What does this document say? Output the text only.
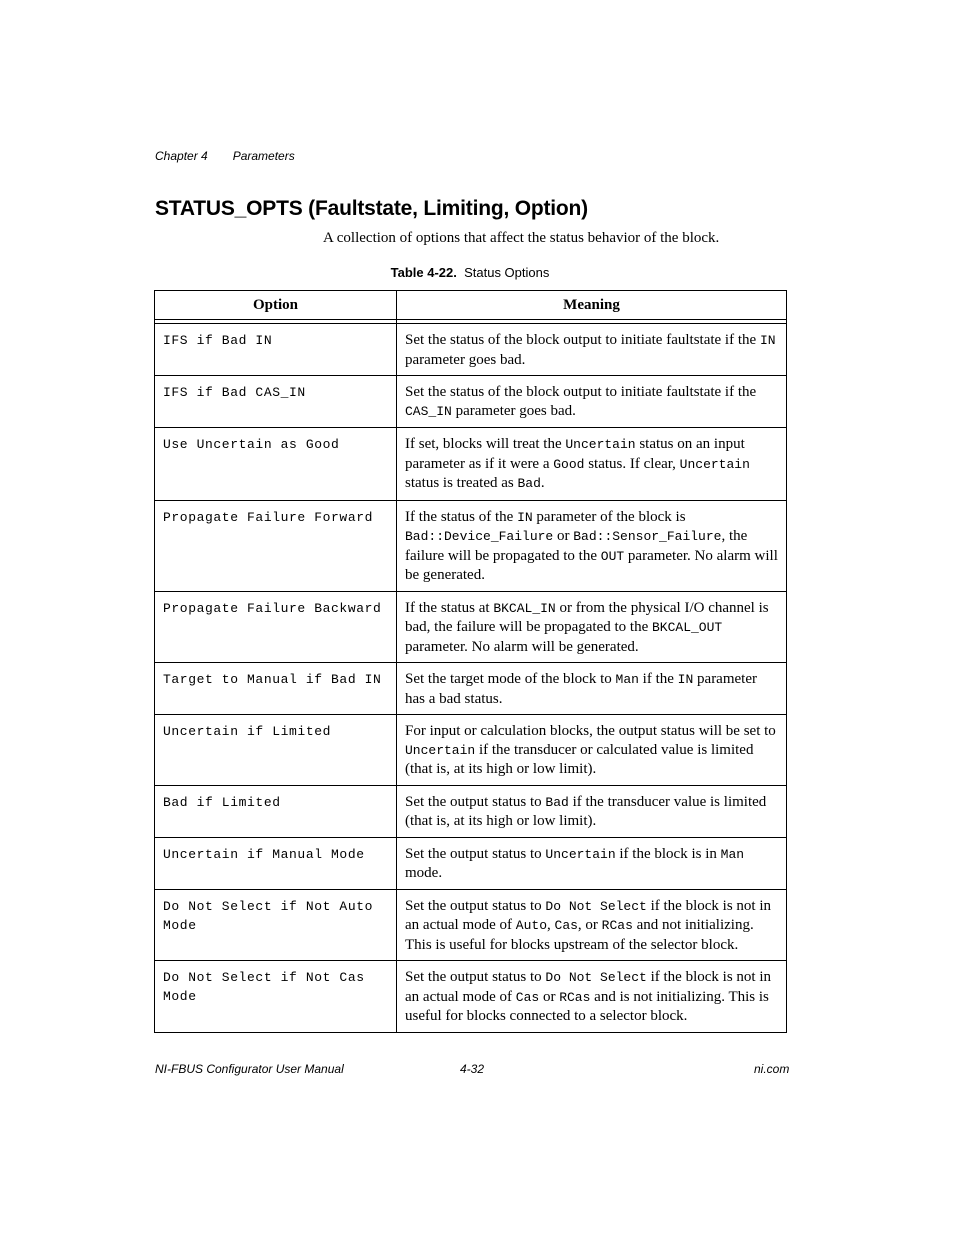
Chapter 4 Parameters
STATUS_OPTS (Faultstate, Limiting, Option)

A collection of options that affect the status behavior of the block.

Table 4-22. Status Options
Option	Meaning

IFS if Bad IN	Set the status of the block output to initiate faultstate if the IN parameter goes bad.
IFS if Bad CAS_IN	Set the status of the block output to initiate faultstate if the CAS_IN parameter goes bad.
Use Uncertain as Good	If set, blocks will treat the Uncertain status on an input parameter as if it were a Good status. If clear, Uncertain status is treated as Bad.
Propagate Failure Forward	If the status of the IN parameter of the block is Bad::Device_Failure or Bad::Sensor_Failure, the failure will be propagated to the OUT parameter. No alarm will be generated.
Propagate Failure Backward	If the status at BKCAL_IN or from the physical I/O channel is bad, the failure will be propagated to the BKCAL_OUT parameter. No alarm will be generated.
Target to Manual if Bad IN	Set the target mode of the block to Man if the IN parameter has a bad status.
Uncertain if Limited	For input or calculation blocks, the output status will be set to Uncertain if the transducer or calculated value is limited (that is, at its high or low limit).
Bad if Limited	Set the output status to Bad if the transducer value is limited (that is, at its high or low limit).
Uncertain if Manual Mode	Set the output status to Uncertain if the block is in Man mode.
Do Not Select if Not Auto Mode	Set the output status to Do Not Select if the block is not in an actual mode of Auto, Cas, or RCas and not initializing. This is useful for blocks upstream of the selector block.
Do Not Select if Not Cas Mode	Set the output status to Do Not Select if the block is not in an actual mode of Cas or RCas and is not initializing. This is useful for blocks connected to a selector block.
NI-FBUS Configurator User Manual	4-32	ni.com
